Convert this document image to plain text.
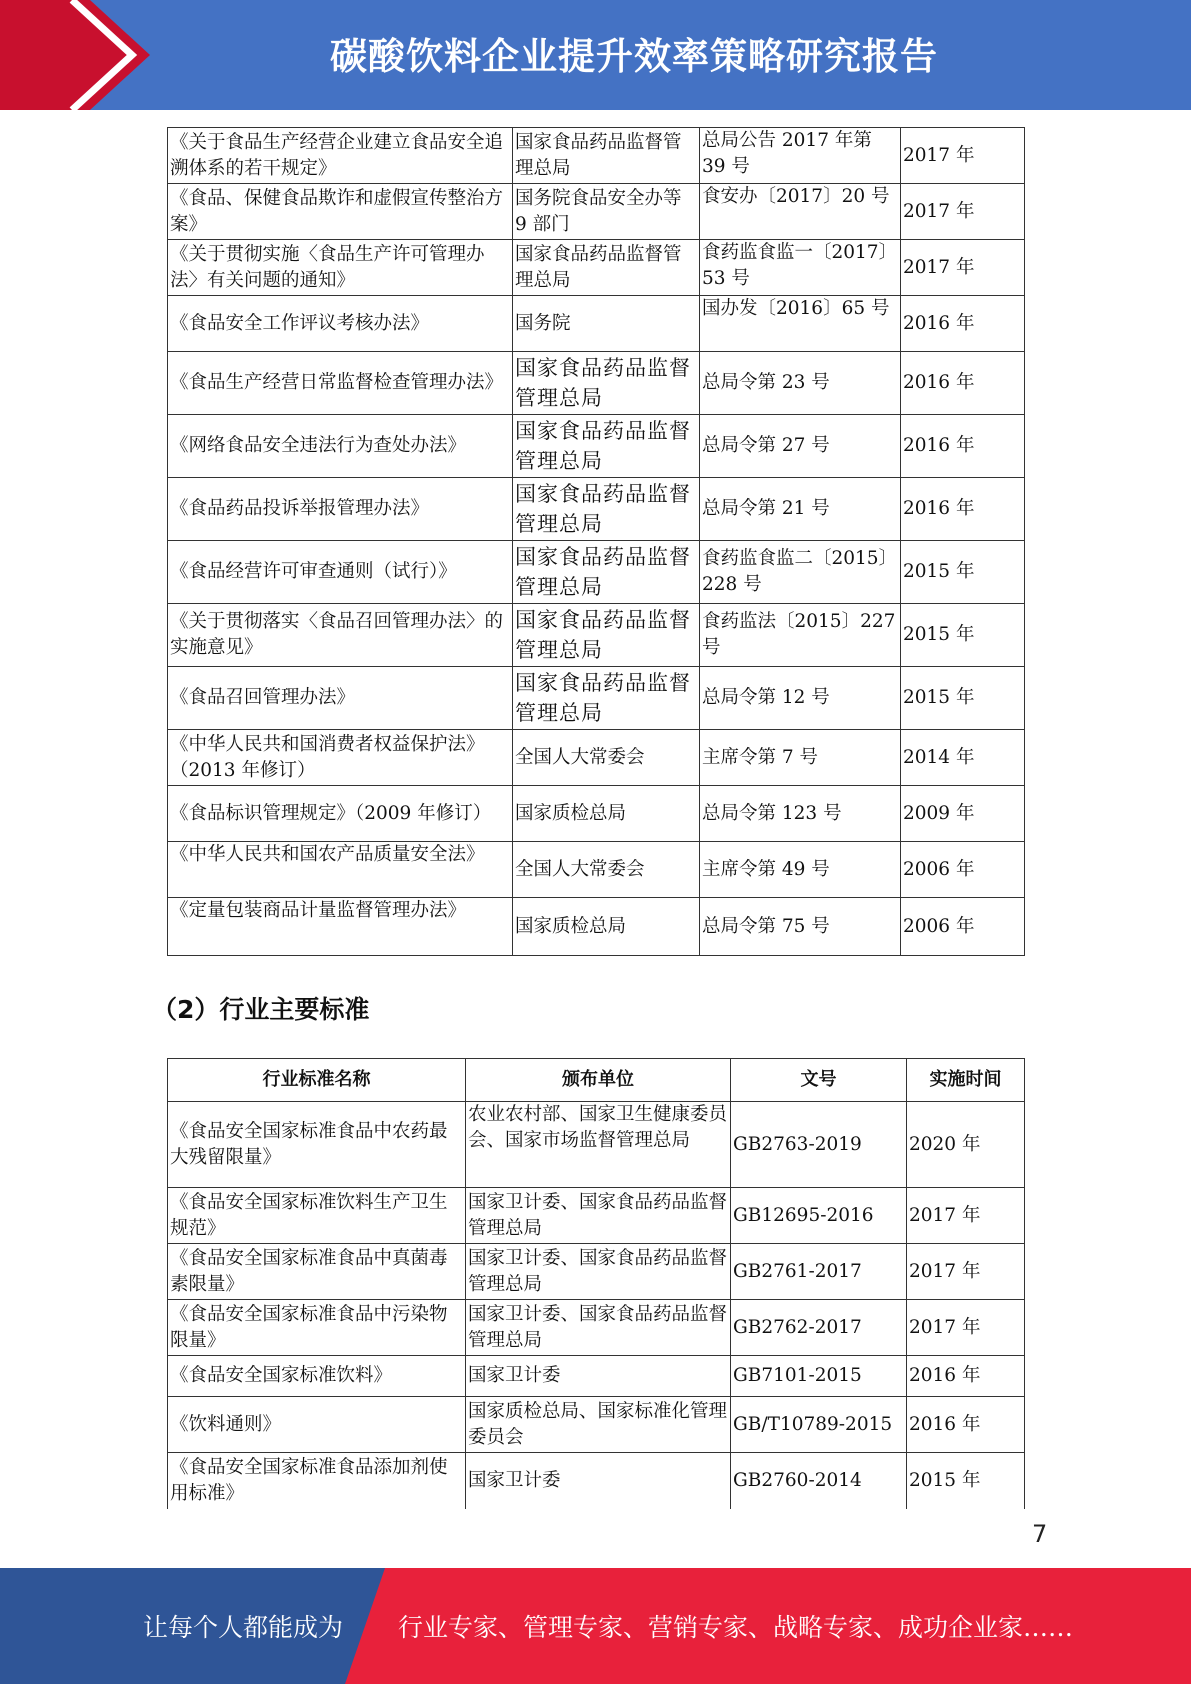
碳酸饮料企业提升效率策略研究报告
《关于食品生产经营企业建立食品安全追溯体系的若干规定》	国家食品药品监督管理总局	总局公告 2017 年第 39 号	2017 年
《食品、保健食品欺诈和虚假宣传整治方案》	国务院食品安全办等 9 部门	食安办〔2017〕20 号	2017 年
《关于贯彻实施〈食品生产许可管理办法〉有关问题的通知》	国家食品药品监督管理总局	食药监食监一〔2017〕53 号	2017 年
《食品安全工作评议考核办法》	国务院	国办发〔2016〕65 号	2016 年
《食品生产经营日常监督检查管理办法》	国家食品药品监督管理总局	总局令第 23 号	2016 年
《网络食品安全违法行为查处办法》	国家食品药品监督管理总局	总局令第 27 号	2016 年
《食品药品投诉举报管理办法》	国家食品药品监督管理总局	总局令第 21 号	2016 年
《食品经营许可审查通则（试行）》	国家食品药品监督管理总局	食药监食监二〔2015〕228 号	2015 年
《关于贯彻落实〈食品召回管理办法〉的实施意见》	国家食品药品监督管理总局	食药监法〔2015〕227 号	2015 年
《食品召回管理办法》	国家食品药品监督管理总局	总局令第 12 号	2015 年
《中华人民共和国消费者权益保护法》（2013 年修订）	全国人大常委会	主席令第 7 号	2014 年
《食品标识管理规定》（2009 年修订）	国家质检总局	总局令第 123 号	2009 年
《中华人民共和国农产品质量安全法》	全国人大常委会	主席令第 49 号	2006 年
《定量包装商品计量监督管理办法》	国家质检总局	总局令第 75 号	2006 年
（2）行业主要标准
行业标准名称	颁布单位	文号	实施时间
《食品安全国家标准食品中农药最大残留限量》	农业农村部、国家卫生健康委员会、国家市场监督管理总局	GB2763-2019	2020 年
《食品安全国家标准饮料生产卫生规范》	国家卫计委、国家食品药品监督管理总局	GB12695-2016	2017 年
《食品安全国家标准食品中真菌毒素限量》	国家卫计委、国家食品药品监督管理总局	GB2761-2017	2017 年
《食品安全国家标准食品中污染物限量》	国家卫计委、国家食品药品监督管理总局	GB2762-2017	2017 年
《食品安全国家标准饮料》	国家卫计委	GB7101-2015	2016 年
《饮料通则》	国家质检总局、国家标准化管理委员会	GB/T10789-2015	2016 年
《食品安全国家标准食品添加剂使用标准》	国家卫计委	GB2760-2014	2015 年
7
让每个人都能成为 行业专家、管理专家、营销专家、战略专家、成功企业家……
